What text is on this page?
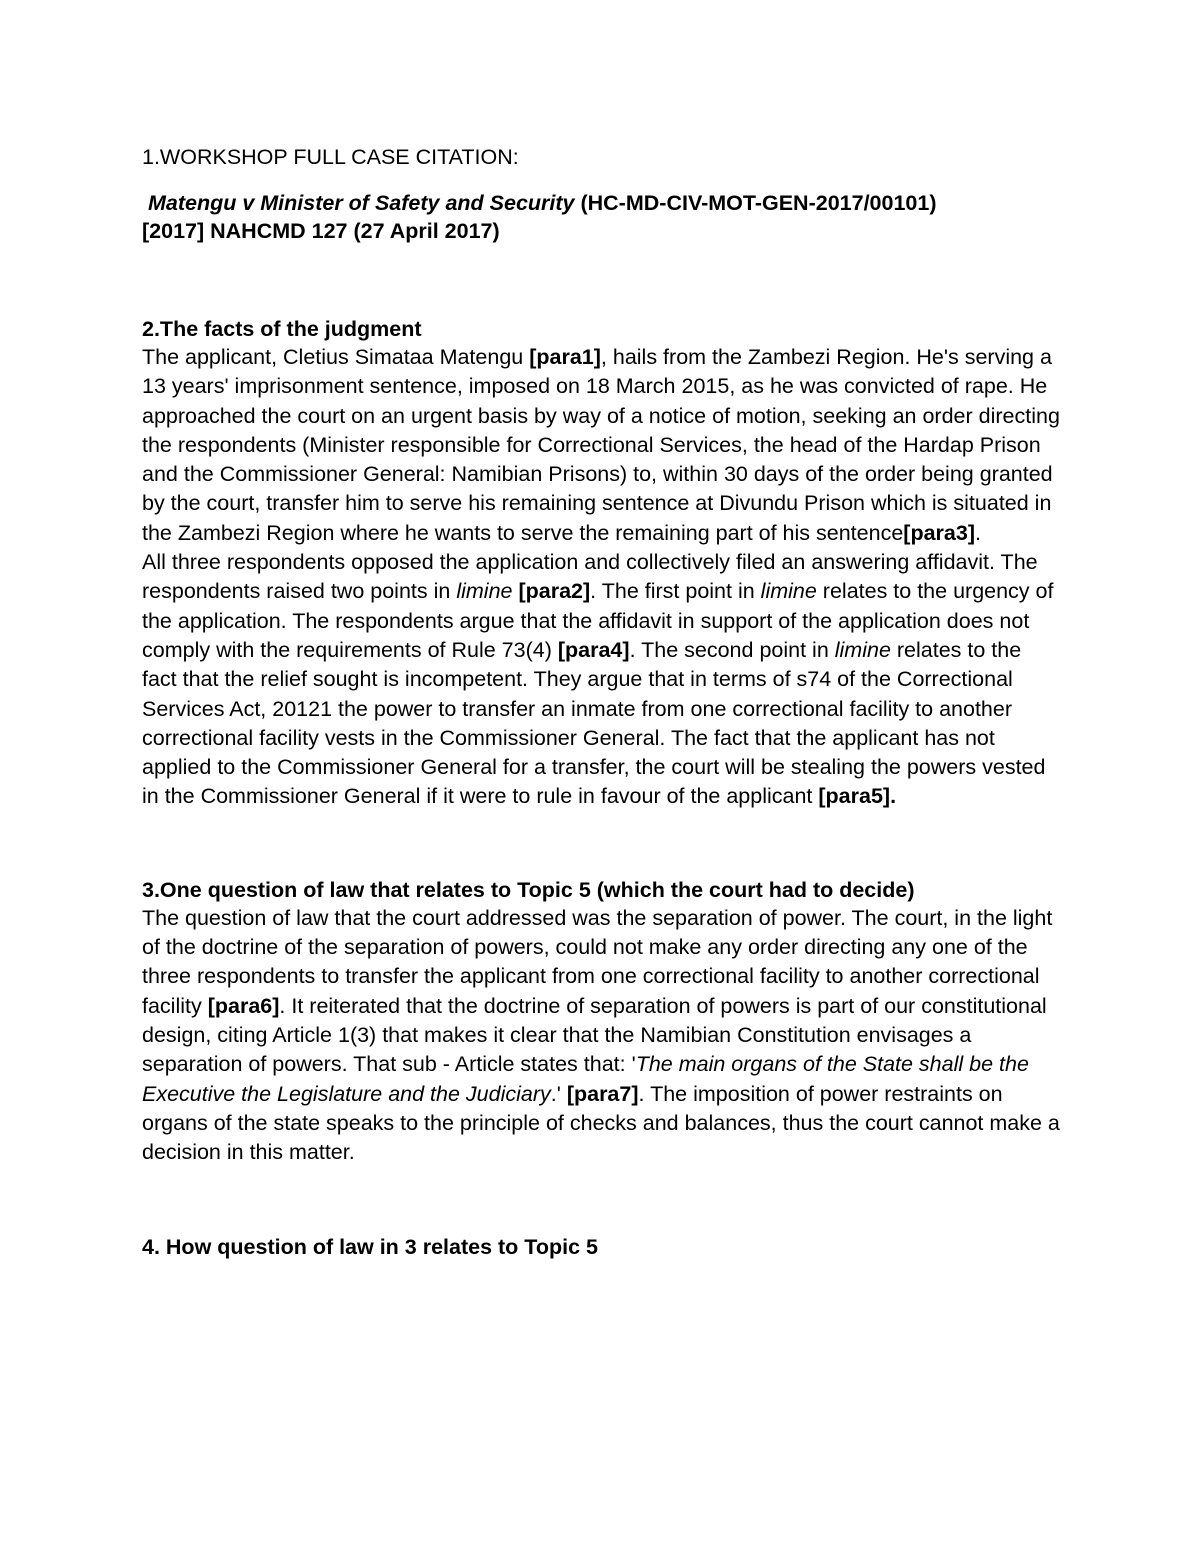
1.WORKSHOP FULL CASE CITATION:
Matengu v Minister of Safety and Security (HC-MD-CIV-MOT-GEN-2017/00101)
[2017] NAHCMD 127 (27 April 2017)
2.The facts of the judgment

The applicant, Cletius Simataa Matengu [para1], hails from the Zambezi Region. He's serving a 13 years' imprisonment sentence, imposed on 18 March 2015, as he was convicted of rape. He approached the court on an urgent basis by way of a notice of motion, seeking an order directing the respondents (Minister responsible for Correctional Services, the head of the Hardap Prison and the Commissioner General: Namibian Prisons) to, within 30 days of the order being granted by the court, transfer him to serve his remaining sentence at Divundu Prison which is situated in the Zambezi Region where he wants to serve the remaining part of his sentence[para3].

All three respondents opposed the application and collectively filed an answering affidavit. The respondents raised two points in limine [para2]. The first point in limine relates to the urgency of the application. The respondents argue that the affidavit in support of the application does not comply with the requirements of Rule 73(4) [para4]. The second point in limine relates to the fact that the relief sought is incompetent. They argue that in terms of s74 of the Correctional Services Act, 20121 the power to transfer an inmate from one correctional facility to another correctional facility vests in the Commissioner General. The fact that the applicant has not applied to the Commissioner General for a transfer, the court will be stealing the powers vested in the Commissioner General if it were to rule in favour of the applicant [para5].

3.One question of law that relates to Topic 5 (which the court had to decide)

The question of law that the court addressed was the separation of power. The court, in the light of the doctrine of the separation of powers, could not make any order directing any one of the three respondents to transfer the applicant from one correctional facility to another correctional facility [para6]. It reiterated that the doctrine of separation of powers is part of our constitutional design, citing Article 1(3) that makes it clear that the Namibian Constitution envisages a separation of powers. That sub - Article states that: 'The main organs of the State shall be the Executive the Legislature and the Judiciary.' [para7]. The imposition of power restraints on organs of the state speaks to the principle of checks and balances, thus the court cannot make a decision in this matter.

4. How question of law in 3 relates to Topic 5
